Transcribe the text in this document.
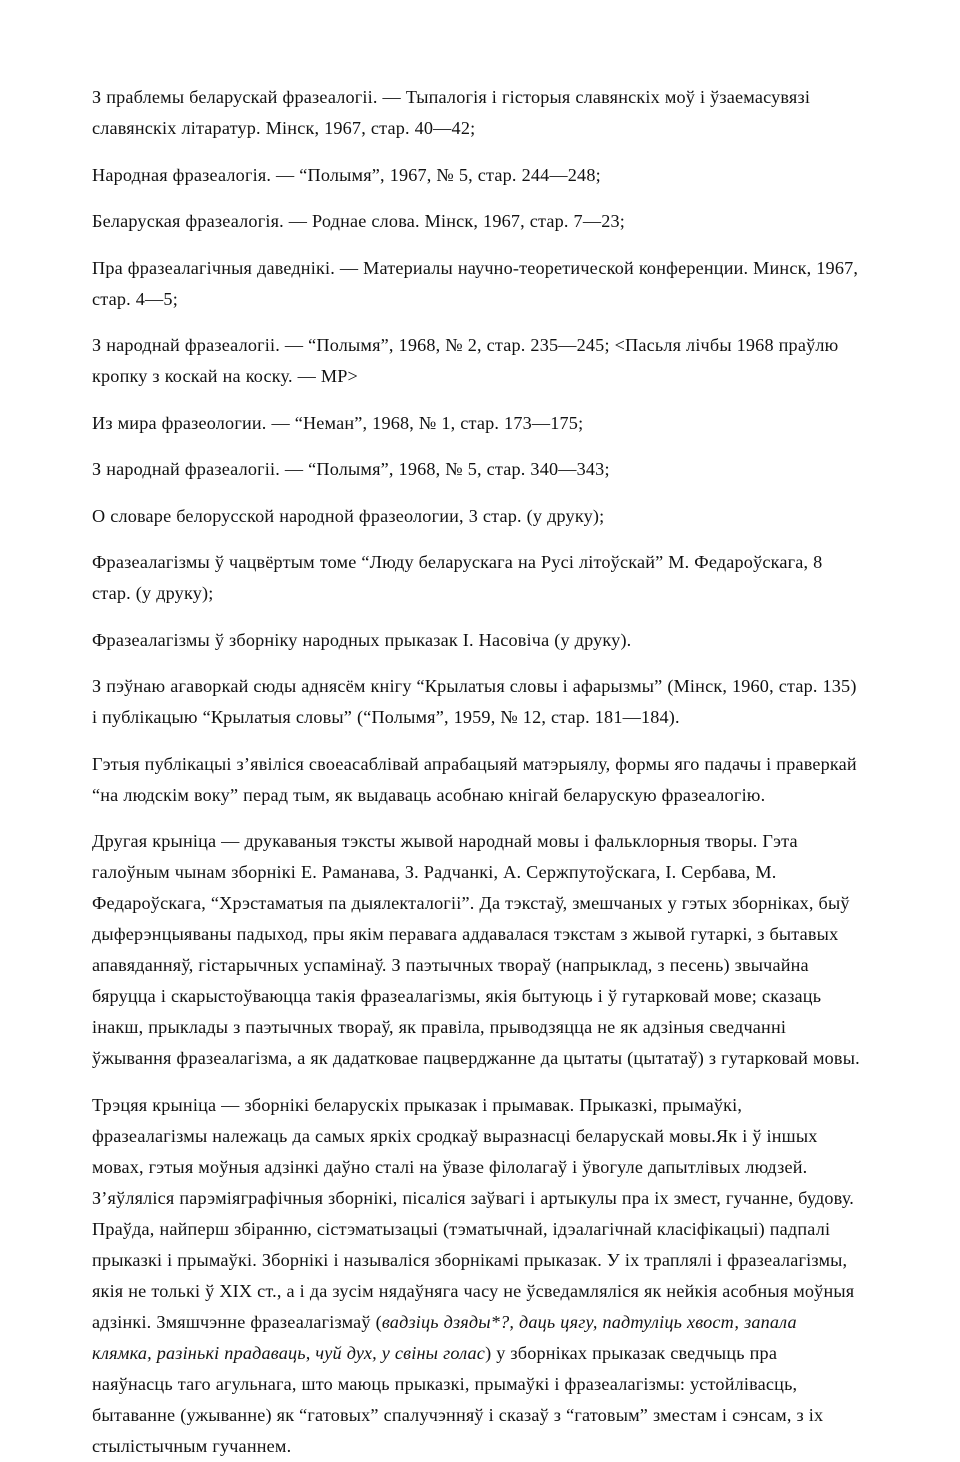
З праблемы беларускай фразеалогіі. — Тыпалогія і гісторыя славянскіх моў і ўзаемасувязі славянскіх літаратур. Мінск, 1967, стар. 40—42;

Народная фразеалогія. — “Полымя”, 1967, № 5, стар. 244—248;

Беларуская фразеалогія. — Роднае слова. Мінск, 1967, стар. 7—23;

Пра фразеалагічныя даведнікі. — Материалы научно-теоретической конференции. Минск, 1967, стар. 4—5;

З народнай фразеалогіі. — “Полымя”, 1968, № 2, стар. 235—245; <Пасьля лічбы 1968 праўлю кропку з коскай на коску. — МР>

Из мира фразеологии. — “Неман”, 1968, № 1, стар. 173—175;

З народнай фразеалогіі. — “Полымя”, 1968, № 5, стар. 340—343;

О словаре белорусской народной фразеологии, 3 стар. (у друку);

Фразеалагізмы ў чацвёртым томе “Люду беларускага на Русі літоўскай” М. Федароўскага, 8 стар. (у друку);

Фразеалагізмы ў зборніку народных прыказак І. Насовіча (у друку).

З пэўнаю агаворкай сюды аднясём кнігу “Крылатыя словы і афарызмы” (Мінск, 1960, стар. 135) і публікацыю “Крылатыя словы” (“Полымя”, 1959, № 12, стар. 181—184).

Гэтыя публікацыі з’явіліся своеасаблівай апрабацыяй матэрыялу, формы яго падачы і праверкай “на людскім воку” перад тым, як выдаваць асобнаю кнігай беларускую фразеалогію.

Другая крыніца — друкаваныя тэксты жывой народнай мовы і фальклорныя творы. Гэта галоўным чынам зборнікі Е. Раманава, З. Радчанкі, А. Сержпутоўскага, І. Сербава, М. Федароўскага, “Хрэстаматыя па дыялекталогіі”. Да тэкстаў, змешчаных у гэтых зборніках, быў дыферэнцыяваны падыход, пры якім перавага аддавалася тэкстам з жывой гутаркі, з бытавых апавяданняў, гістарычных успамінаў. З паэтычных твораў (напрыклад, з песень) звычайна бяруцца і скарыстоўваюцца такія фразеалагізмы, якія бытуюць і ў гутарковай мове; сказаць інакш, прыклады з паэтычных твораў, як правіла, прыводзяцца не як адзіныя сведчанні ўжывання фразеалагізма, а як дадатковае пацверджанне да цытаты (цытатаў) з гутарковай мовы.

Трэцяя крыніца — зборнікі беларускіх прыказак і прымавак. Прыказкі, прымаўкі, фразеалагізмы належаць да самых яркіх сродкаў выразнасці беларускай мовы.Як і ў іншых мовах, гэтыя моўныя адзінкі даўно сталі на ўвазе філолагаў і ўвогуле дапытлівых людзей. З’яўляліся парэміяграфічныя зборнікі, пісаліся заўвагі і артыкулы пра іх змест, гучанне, будову. Праўда, найперш збіранню, сістэматызацыі (тэматычнай, ідэалагічнай класіфікацыі) падпалі прыказкі і прымаўкі. Зборнікі і называліся зборнікамі прыказак. У іх траплялі і фразеалагізмы, якія не толькі ў XIX ст., а і да зусім нядаўняга часу не ўсведамляліся як нейкія асобныя моўныя адзінкі. Змяшчэнне фразеалагізмаў (вадзіць дзяды*?, даць цягу, падтуліць хвост, запала клямка, разінькі прадаваць, чуй дух, у свіны голас) у зборніках прыказак сведчыць пра наяўнасць таго агульнага, што маюць прыказкі, прымаўкі і фразеалагізмы: устойлівасць, бытаванне (ужыванне) як “гатовых” спалучэнняў і сказаў з “гатовым” зместам і сэнсам, з іх стылістычным гучаннем.
